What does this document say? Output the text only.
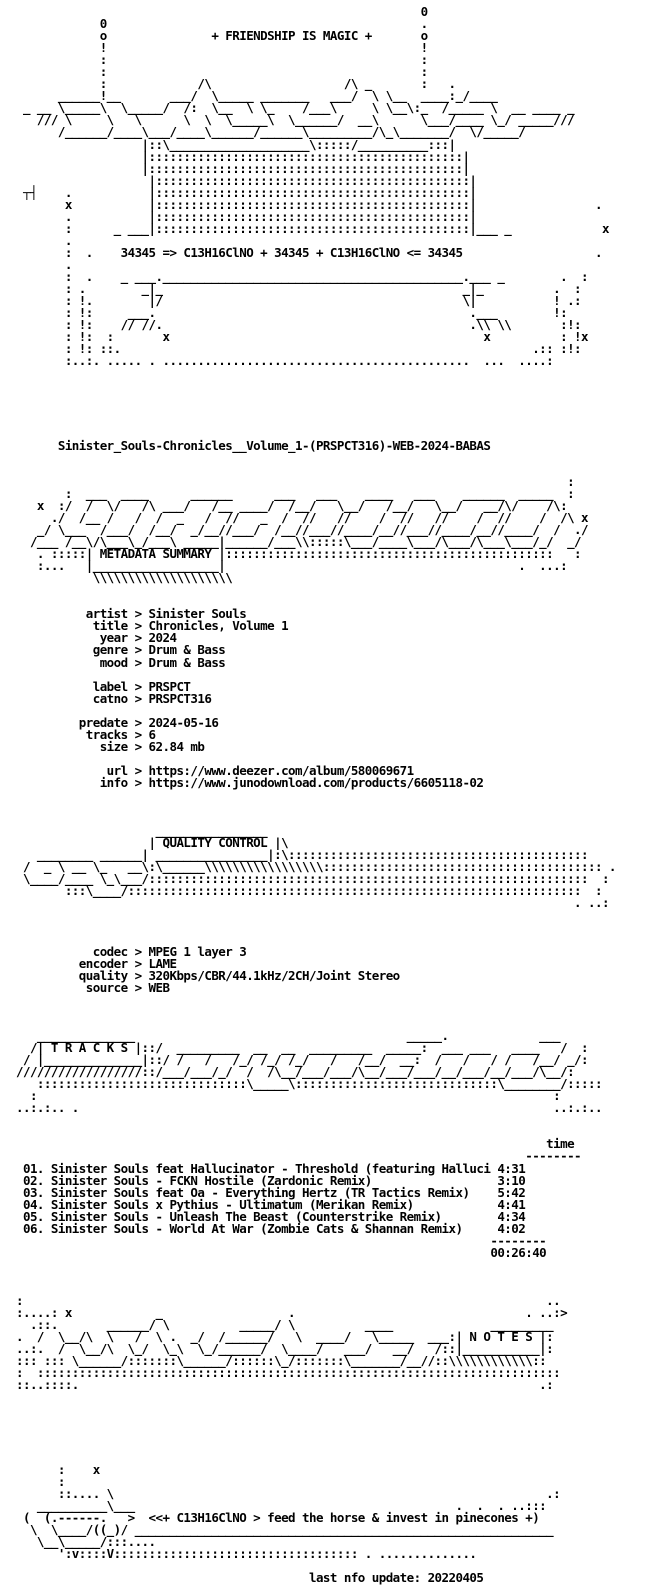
0
0                                             .
o               + FRIENDSHIP IS MAGIC +       o
!                                             !
:                                             :
:                                             :
:             /\                   /\ _       :   .
______!__       ___/  \_____ _______   ___/  \ \__  ____:_/____
_ __ \_____\  \_____/  /:  \__  \ \_    /___\     \ \__\:_  /_____ \  __ ____ _
/// \     \   \      \  \  \_____\  \______/  __\      \___/____ \_/ _____///
/______/____\___/____\______/______\_________/\_\_______/  \/_____/
|::\____________________\:::::/__________:::|
|:::::::::::::::::::::::::::::::::::::::::::::|
|:::::::::::::::::::::::::::::::::::::::::::::|
|:::::::::::::::::::::::::::::::::::::::::::::|
┬┤    .           |:::::::::::::::::::::::::::::::::::::::::::::|
x           |:::::::::::::::::::::::::::::::::::::::::::::|                 .
.           |:::::::::::::::::::::::::::::::::::::::::::::|
:      _ ___|:::::::::::::::::::::::::::::::::::::::::::::|___ _             x
.
:  .    34345 => C13H16ClNO + 34345 + C13H16ClNO <= 34345                   .
.
:  .    _ ___.___________________________________________.___ _        .  :
: .        _|_                                           _|_          .  :
: !.        |/                                           \|           ! .:
: !:     ___.                                             .___        !:
: !:    // //.                                            .\\ \\       :!:
: !:  :       x                                             x          : !x
: !: ::.                                                           .:: :!:
:..:. ..... . ............................................  ...  ....:

Sinister_Souls-Chronicles__Volume_1-(PRSPCT316)-WEB-2024-BABAS

:
:  ___  ____      ______      ___   ___    ____   ___    ______  _____  :
x  :/  /  \/   /\ ___/   /__ ____/  /__/   \__/   /__/   \__/   __/\/    /\:
./  /__ /   /  /  _   /  //   _  /  //   //    /  //   //    /  //    /  /\ x
_/ \___  /___/  /__/  _/__//___/  /__//___//____/__//___//____/__//____/  /  ./
/___ /__\/\___\_/___\ _____|______/___\\:::::\___/____\___/\___/\___\___/_/  _/
. :::::| METADATA SUMMARY |:::::::::::::::::::::::::::::::::::::::::::::::   :
:...   |__________________|                                          .  ...:
\\\\\\\\\\\\\\\\\\\\

artist > Sinister Souls
title > Chronicles, Volume 1
year > 2024
genre > Drum & Bass
mood > Drum & Bass

label > PRSPCT
catno > PRSPCT316

predate > 2024-05-16
tracks > 6
size > 62.84 mb

url > https://www.deezer.com/album/580069671
info > https://www.junodownload.com/products/6605118-02

________________
| QUALITY CONTROL |\
________ ______| ________________|:\:::::::::::::::::::::::::::::::::::::::::::
/  _ \ __ \_   __\:\______\\\\\\\\\\\\\\\\\:::::::::::::::::::::::::::::::::::::::: .
\____/____ \_\___/:::::::::::::::::::::::::::::::::::::::::::::::::::::::::::::::  :
:::\____/:::::::::::::::::::::::::::::::::::::::::::::::::::::::::::::::::  :
. ..:

codec > MPEG 1 layer 3
encoder > LAME
quality > 320Kbps/CBR/44.1kHz/2CH/Joint Stereo
source > WEB

______________                                       _____.             ___
/| T R A C K S |::/  _________  __  __  _________  _____:  ___ ___   ____   /  :
/ |______________|::/ /   /   /_/ /_/ /_/   /   /__/  __:  /   /   / /   /__/ _/:
//////////////////::/___/___/_/  /  /\__/___/___/\__/___/___/__/___/__/___/\__/:
::::::::::::::::::::::::::::::\_____\:::::::::::::::::::::::::::::\________/:::::
:                                                                          :
..:.:.. .                                                                    ..:.:..

time
--------
01. Sinister Souls feat Hallucinator - Threshold (featuring Halluci 4:31
02. Sinister Souls - FCKN Hostile (Zardonic Remix)                  3:10
03. Sinister Souls feat Oa - Everything Hertz (TR Tactics Remix)    5:42
04. Sinister Souls x Pythius - Ultimatum (Merikan Remix)            4:41
05. Sinister Souls - Unleash The Beast (Counterstrike Remix)        4:34
06. Sinister Souls - World At War (Zombie Cats & Shannan Remix)     4:02
--------
00:26:40

:                                                                           ..
:....: x            _                  .                                 . ..:>
.::.       ______/ \          _____/ \          ____              _________
.  /  \__/\  \   /  \ .  _/  /______/   \  ____/   \_____  ___:| N O T E S |:
..:.  /  \__/\  \_/  \_\  \_/______/  \____/   ___/   __/   /::|___________|:
::: ::: \______/:::::::\______/::::::\_/:::::::\_______/__//::\\\\\\\\\\\\::
:  :::::::::::::::::::::::::::::::::::::::::::::::::::::::::::::::::::::::::::
::..::::.                                                                  .:

:    x
:
::.... \                                                              .:
__________\___                                              .  .  . ..:::
(  (.------.   >  <<+ C13H16ClNO > feed the horse & invest in pinecones +)
\  \____/((_)/ ____________________________________________________________
\__\_____/:::....
':v::::V::::::::::::::::::::::::::::::::::: . ..............

last nfo update: 20220405
